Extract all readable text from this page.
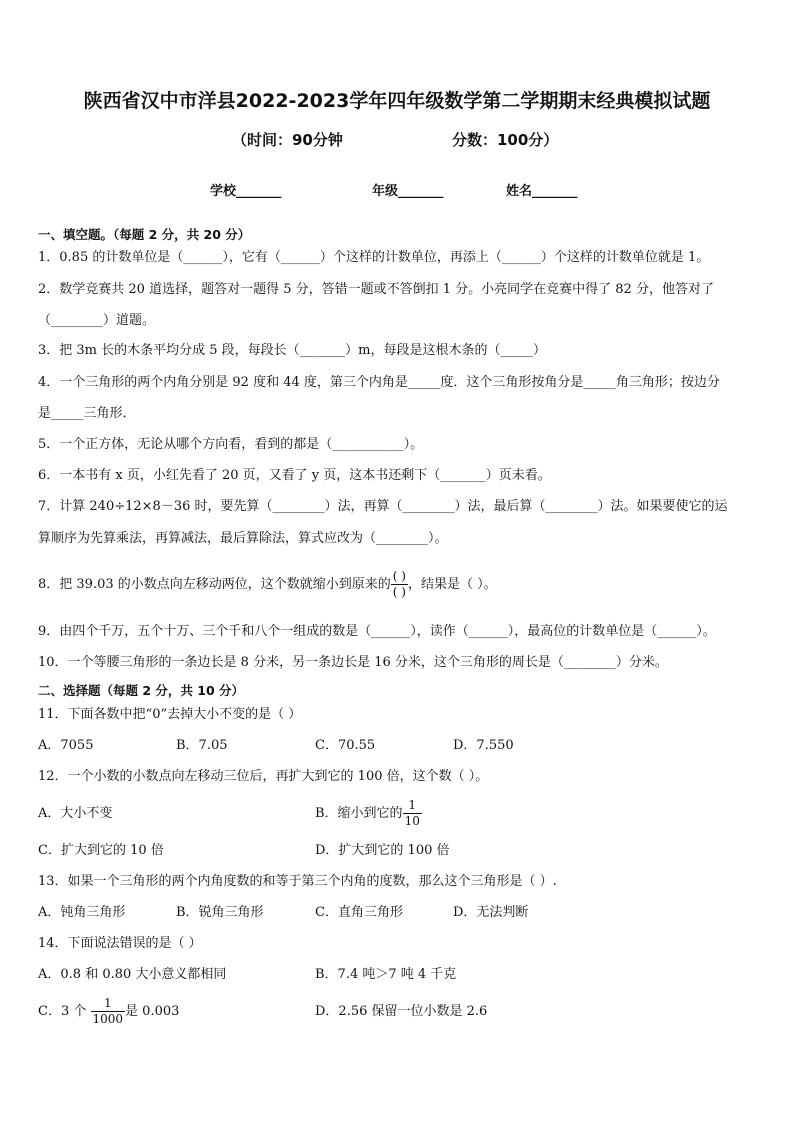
陕西省汉中市洋县2022-2023学年四年级数学第二学期期末经典模拟试题
（时间：90分钟	分数：100分）
学校_______	年级_______	姓名_______
一、填空题。（每题 2 分，共 20 分）
1．0.85 的计数单位是（______），它有（______）个这样的计数单位，再添上（______）个这样的计数单位就是 1。
2．数学竞赛共 20 道选择，题答对一题得 5 分，答错一题或不答倒扣 1 分。小亮同学在竞赛中得了 82 分，他答对了
（________）道题。
3．把 3m 长的木条平均分成 5 段，每段长（_______）m，每段是这根木条的（_____）
4．一个三角形的两个内角分别是 92 度和 44 度，第三个内角是_____度．这个三角形按角分是_____角三角形；按边分
是_____三角形．
5．一个正方体，无论从哪个方向看，看到的都是（___________）。
6．一本书有 x 页，小红先看了 20 页，又看了 y 页，这本书还剩下（_______）页未看。
7．计算 240÷12×8－36 时，要先算（________）法，再算（________）法，最后算（________）法。如果要使它的运
算顺序为先算乘法，再算减法，最后算除法，算式应改为（________）。
8．把 39.03 的小数点向左移动两位，这个数就缩小到原来的 $\frac{( )}{( )}$ ，结果是（ ）。
9．由四个千万，五个十万、三个千和八个一组成的数是（______），读作（______），最高位的计数单位是（______）。
10．一个等腰三角形的一条边长是 8 分米，另一条边长是 16 分米，这个三角形的周长是（________）分米。
二、选择题（每题 2 分，共 10 分）
11．下面各数中把“0”去掉大小不变的是（ ）
A．7055	B．7.05	C．70.55	D．7.550
12．一个小数的小数点向左移动三位后，再扩大到它的 100 倍，这个数（ ）。
A．大小不变	B．缩小到它的 $\frac{1}{10}$
C．扩大到它的 10 倍	D．扩大到它的 100 倍
13．如果一个三角形的两个内角度数的和等于第三个内角的度数，那么这个三角形是（ ）.
A．钝角三角形	B．锐角三角形	C．直角三角形	D．无法判断
14．下面说法错误的是（ ）
A．0.8 和 0.80 大小意义都相同	B．7.4 吨＞7 吨 4 千克
C．3 个 $\frac{1}{1000}$ 是 0.003	D．2.56 保留一位小数是 2.6
